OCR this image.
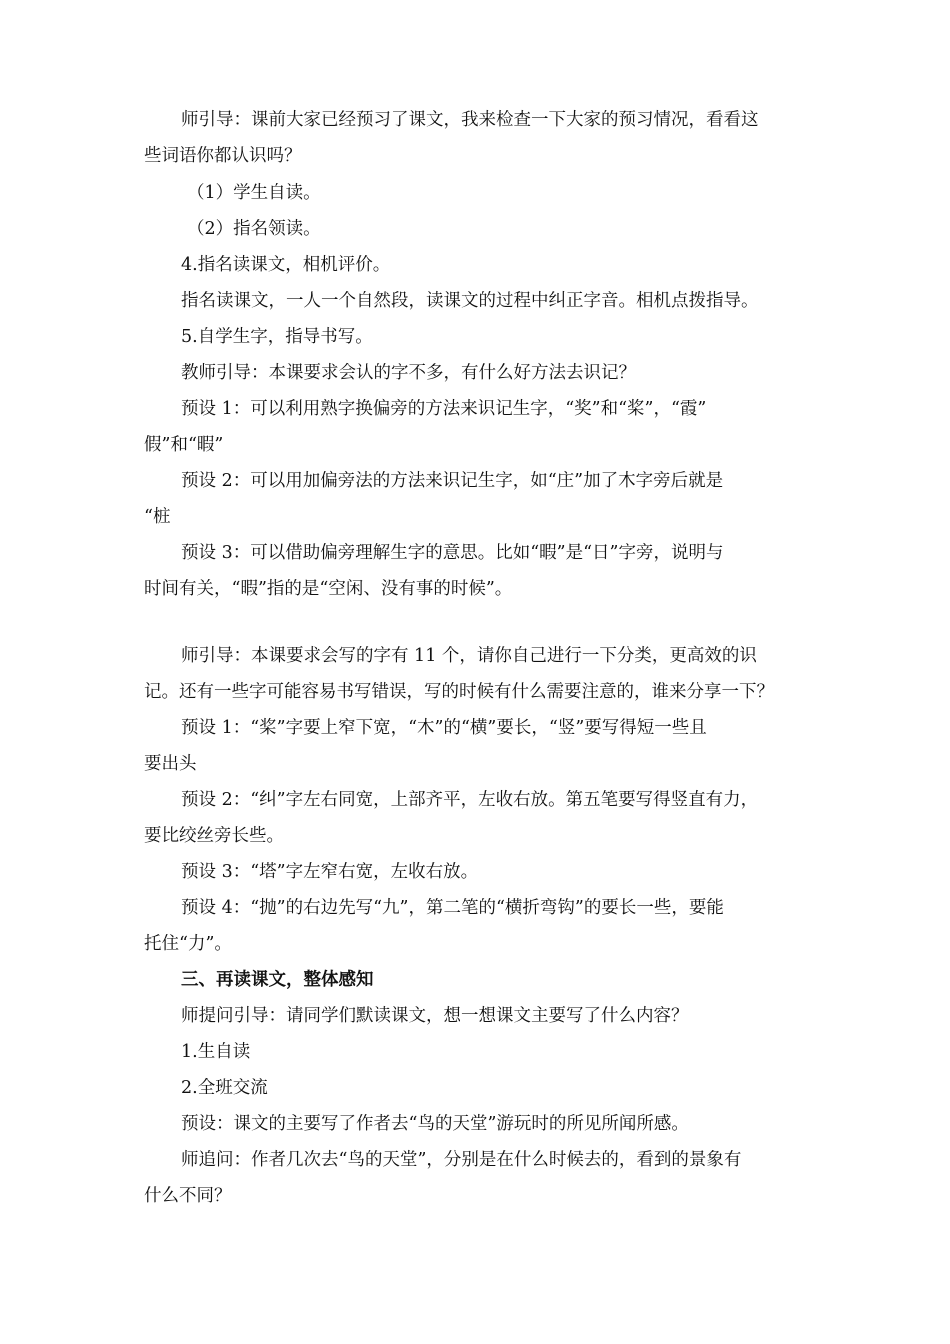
师引导：课前大家已经预习了课文，我来检查一下大家的预习情况，看看这

些词语你都认识吗？

（1）学生自读。

（2）指名领读。

4.指名读课文，相机评价。

指名读课文，一人一个自然段，读课文的过程中纠正字音。相机点拨指导。

5.自学生字，指导书写。

教师引导：本课要求会认的字不多，有什么好方法去识记？

预设 1：可以利用熟字换偏旁的方法来识记生字，“奖”和“桨”，“霞”

假”和“暇”

预设 2：可以用加偏旁法的方法来识记生字，如“庄”加了木字旁后就是

“桩

预设 3：可以借助偏旁理解生字的意思。比如“暇”是“日”字旁，说明与

时间有关，“暇”指的是“空闲、没有事的时候”。

师引导：本课要求会写的字有 11 个，请你自己进行一下分类，更高效的识

记。还有一些字可能容易书写错误，写的时候有什么需要注意的，谁来分享一下？

预设 1：“桨”字要上窄下宽，“木”的“横”要长，“竖”要写得短一些且

要出头

预设 2：“纠”字左右同宽，上部齐平，左收右放。第五笔要写得竖直有力，

要比绞丝旁长些。

预设 3：“塔”字左窄右宽，左收右放。

预设 4：“抛”的右边先写“九”，第二笔的“横折弯钩”的要长一些，要能

托住“力”。

三、再读课文，整体感知

师提问引导：请同学们默读课文，想一想课文主要写了什么内容？

1.生自读

2.全班交流

预设：课文的主要写了作者去“鸟的天堂”游玩时的所见所闻所感。

师追问：作者几次去“鸟的天堂”，分别是在什么时候去的，看到的景象有

什么不同？
